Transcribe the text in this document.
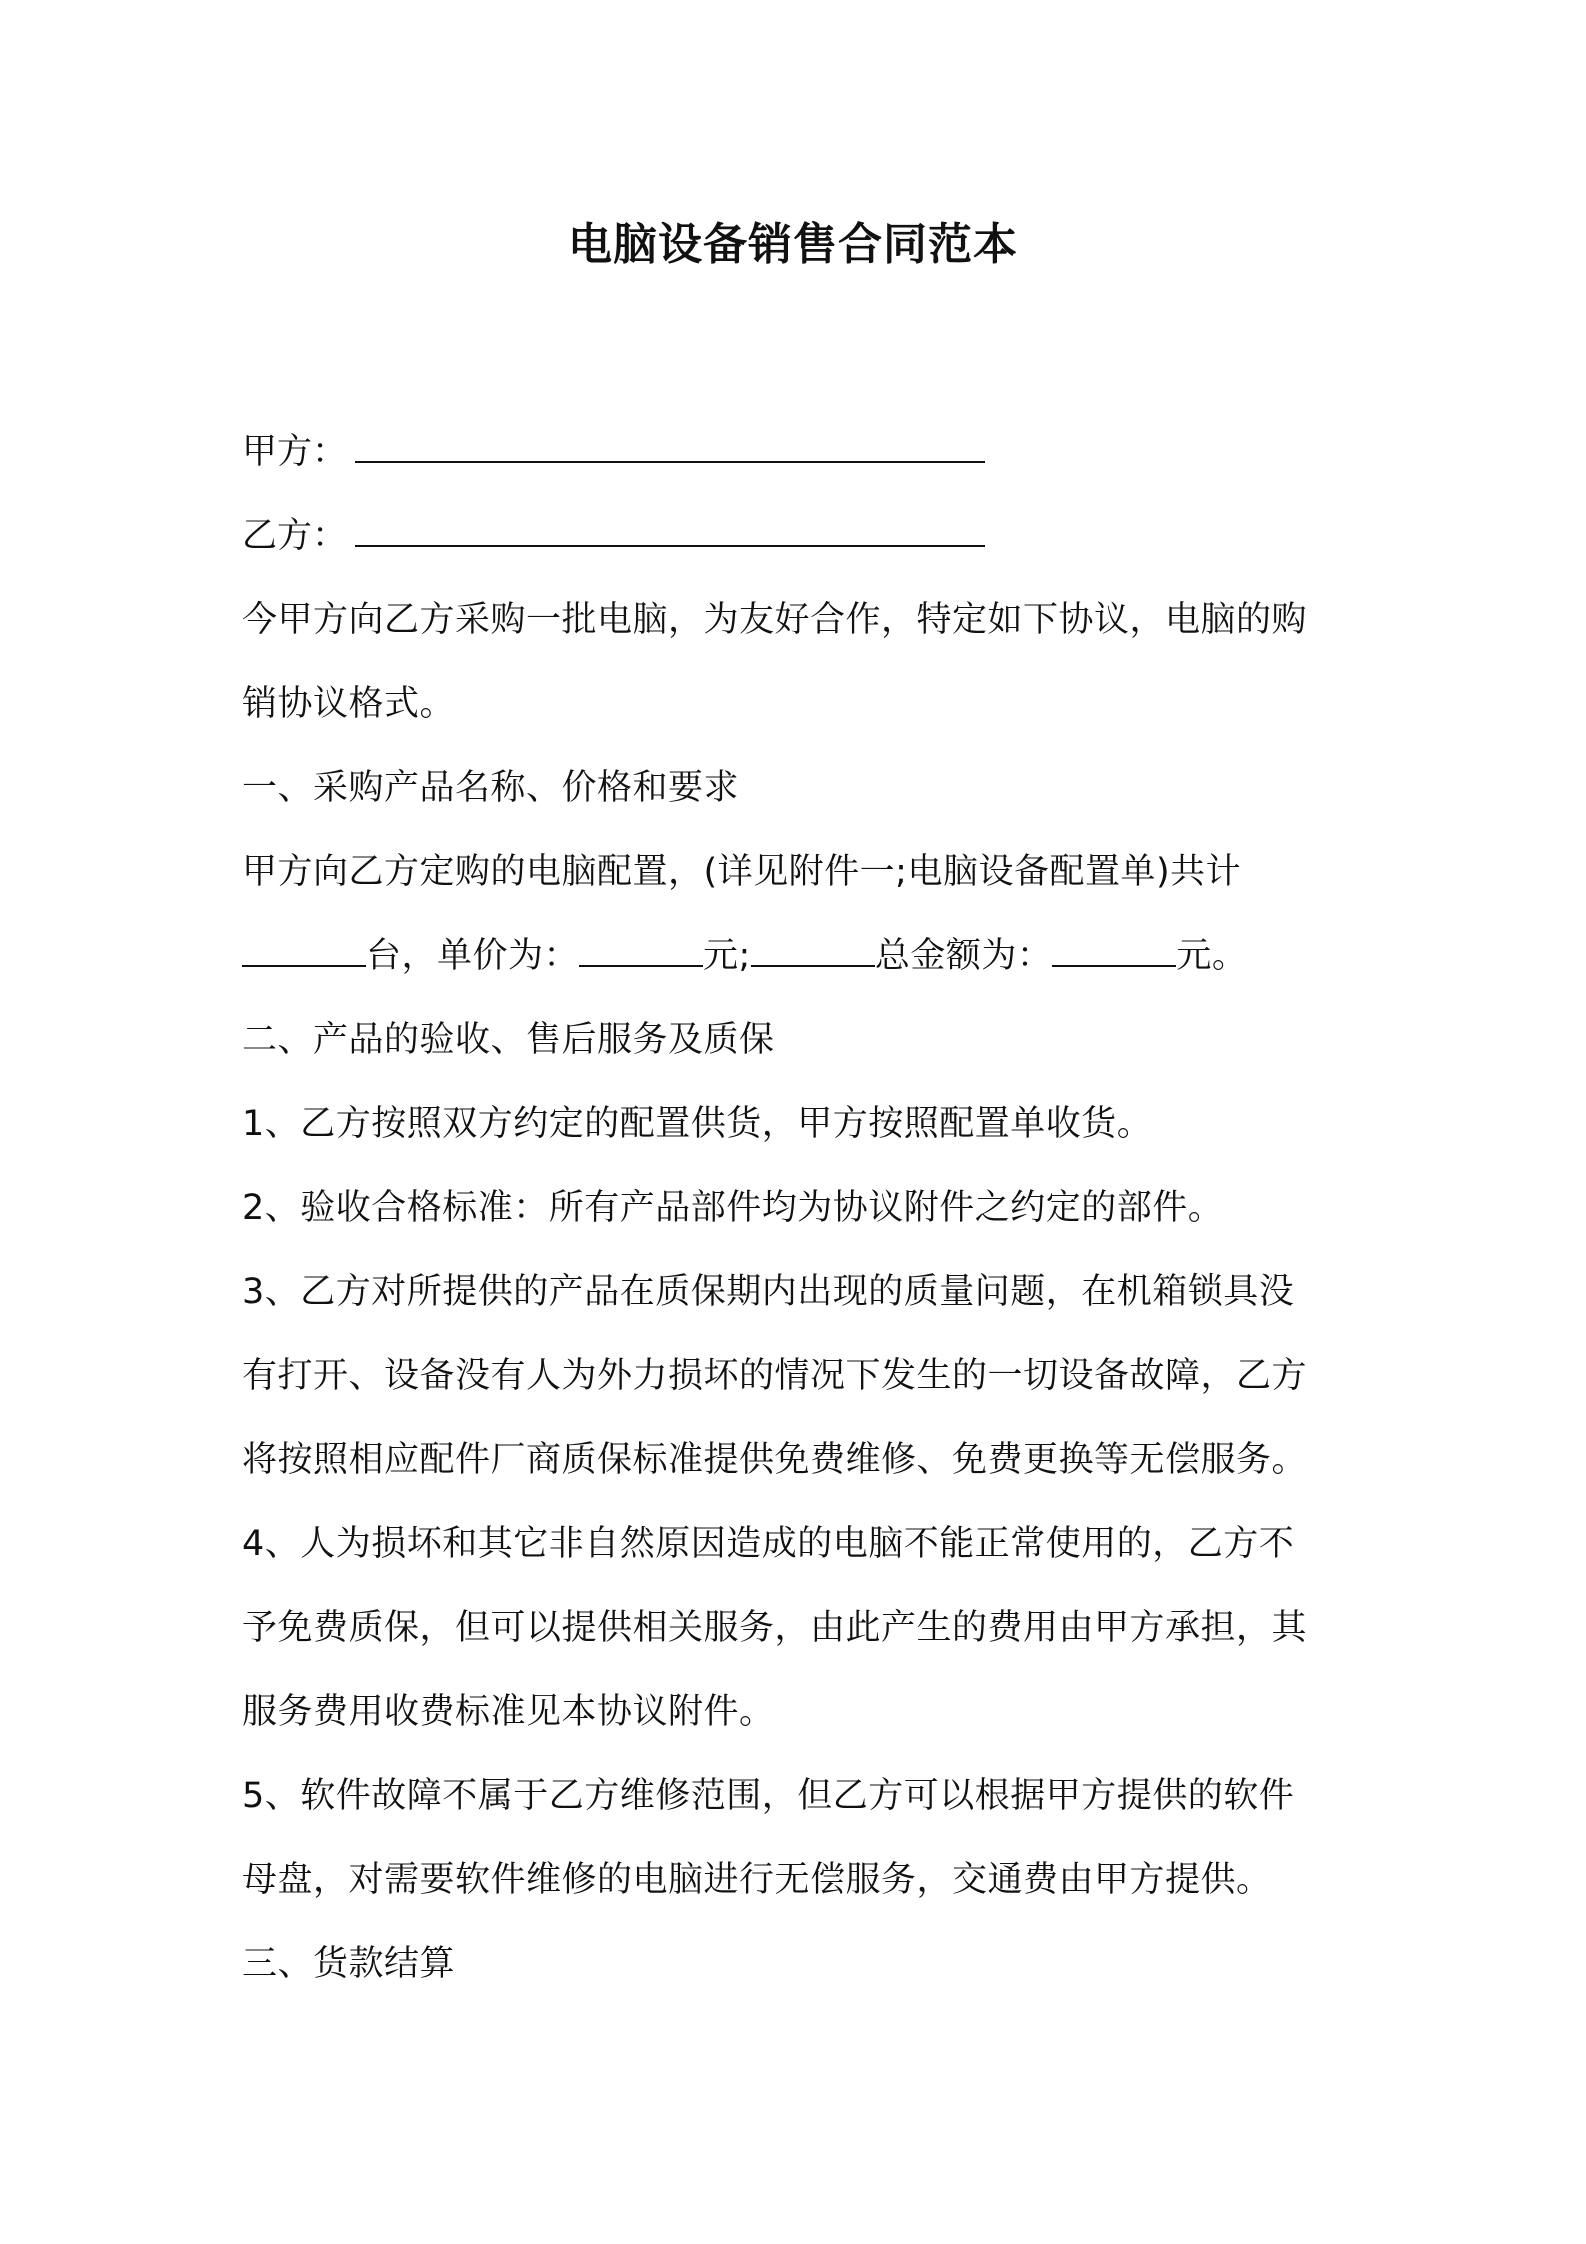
电脑设备销售合同范本
甲方：
乙方：
今甲方向乙方采购一批电脑，为友好合作，特定如下协议，电脑的购
销协议格式。
一、采购产品名称、价格和要求
甲方向乙方定购的电脑配置，(详见附件一;电脑设备配置单)共计
台，单价为：	元;	总金额为：	元。
二、产品的验收、售后服务及质保
1、乙方按照双方约定的配置供货，甲方按照配置单收货。
2、验收合格标准：所有产品部件均为协议附件之约定的部件。
3、乙方对所提供的产品在质保期内出现的质量问题，在机箱锁具没
有打开、设备没有人为外力损坏的情况下发生的一切设备故障，乙方
将按照相应配件厂商质保标准提供免费维修、免费更换等无偿服务。
4、人为损坏和其它非自然原因造成的电脑不能正常使用的，乙方不
予免费质保，但可以提供相关服务，由此产生的费用由甲方承担，其
服务费用收费标准见本协议附件。
5、软件故障不属于乙方维修范围，但乙方可以根据甲方提供的软件
母盘，对需要软件维修的电脑进行无偿服务，交通费由甲方提供。
三、货款结算
